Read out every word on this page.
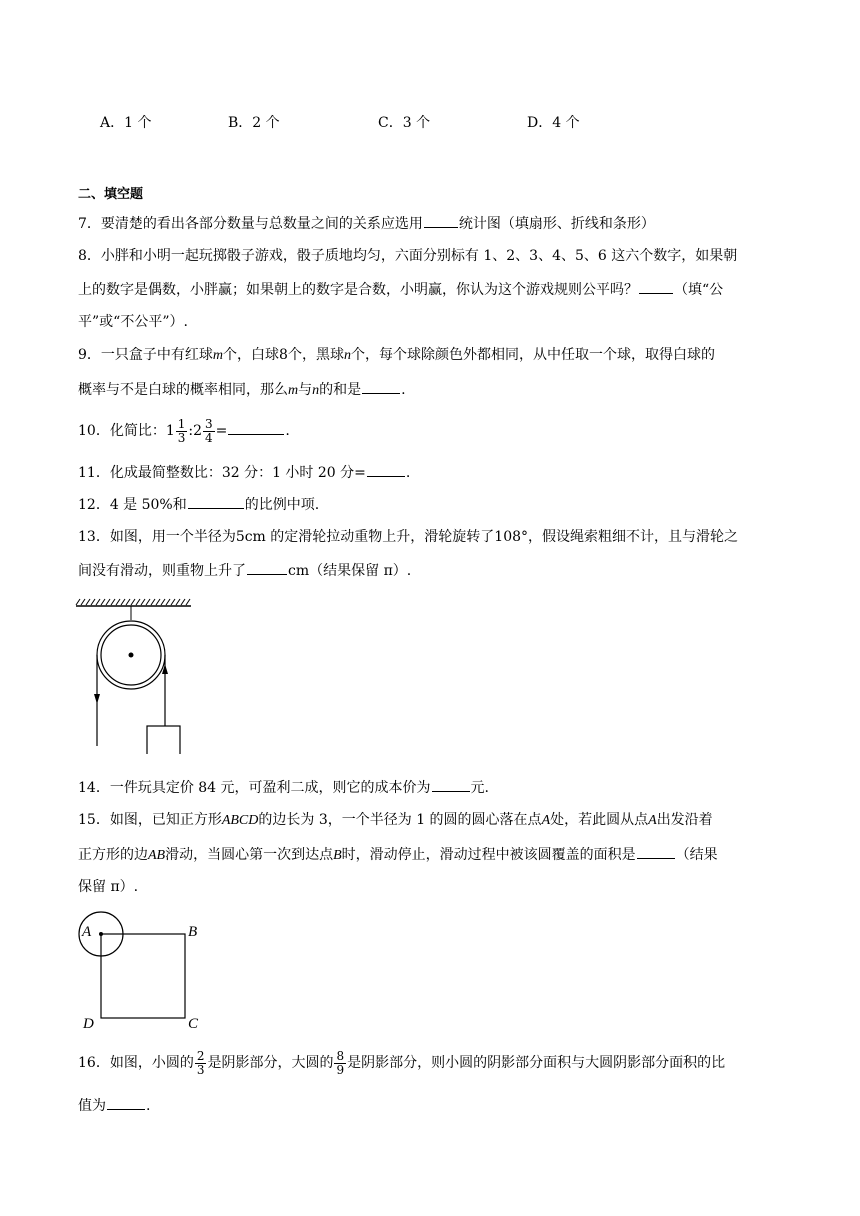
A．1 个	B．2 个	C．3 个	D．4 个
二、填空题
7．要清楚的看出各部分数量与总数量之间的关系应选用	统计图（填扇形、折线和条形）
8．小胖和小明一起玩掷骰子游戏，骰子质地均匀，六面分别标有 1、2、3、4、5、6 这六个数字，如果朝
上的数字是偶数，小胖赢；如果朝上的数字是合数，小明赢，你认为这个游戏规则公平吗？	（填“公
平”或“不公平”）.
9．一只盒子中有红球m个，白球8个，黑球n个，每个球除颜色外都相同，从中任取一个球，取得白球的
概率与不是白球的概率相同，那么m与n的和是	.
10．化简比：$1 \frac{1}{3}$ :2 $\frac{3}{4}$ =	.
11．化成最简整数比：32 分：1 小时 20 分=	.
12．4 是 50%和	的比例中项.
13．如图，用一个半径为5cm 的定滑轮拉动重物上升，滑轮旋转了108°，假设绳索粗细不计，且与滑轮之
间没有滑动，则重物上升了	cm（结果保留 π）.
14．一件玩具定价 84 元，可盈利二成，则它的成本价为	元.
15．如图，已知正方形ABCD的边长为 3，一个半径为 1 的圆的圆心落在点A处，若此圆从点A出发沿着
正方形的边AB滑动，当圆心第一次到达点B时，滑动停止，滑动过程中被该圆覆盖的面积是	（结果
保留 π）.
A	B
C
D
16．如图，小圆的 $\frac{2}{3}$ 是阴影部分，大圆的 $\frac{8}{9}$ 是阴影部分，则小圆的阴影部分面积与大圆阴影部分面积的比
值为	.
